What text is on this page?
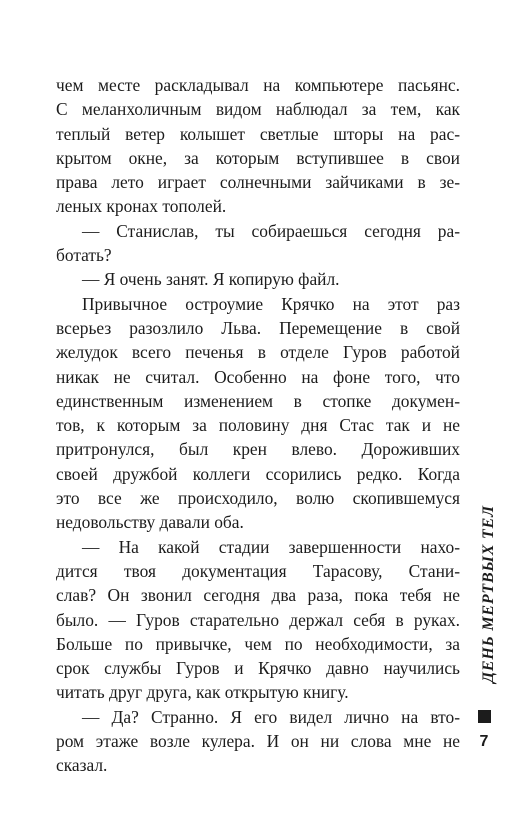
чем месте раскладывал на компьютере пасьянс.
С меланхоличным видом наблюдал за тем, как
теплый ветер колышет светлые шторы на рас-
крытом окне, за которым вступившее в свои
права лето играет солнечными зайчиками в зе-
леных кронах тополей.
— Станислав, ты собираешься сегодня ра-
ботать?
— Я очень занят. Я копирую файл.
Привычное остроумие Крячко на этот раз
всерьез разозлило Льва. Перемещение в свой
желудок всего печенья в отделе Гуров работой
никак не считал. Особенно на фоне того, что
единственным изменением в стопке докумен-
тов, к которым за половину дня Стас так и не
притронулся, был крен влево. Дороживших
своей дружбой коллеги ссорились редко. Когда
это все же происходило, волю скопившемуся
недовольству давали оба.
— На какой стадии завершенности нахо-
дится твоя документация Тарасову, Стани-
слав? Он звонил сегодня два раза, пока тебя не
было. — Гуров старательно держал себя в руках.
Больше по привычке, чем по необходимости, за
срок службы Гуров и Крячко давно научились
читать друг друга, как открытую книгу.
— Да? Странно. Я его видел лично на вто-
ром этаже возле кулера. И он ни слова мне не
сказал.
ДЕНЬ МЕРТВЫХ ТЕЛ
7
